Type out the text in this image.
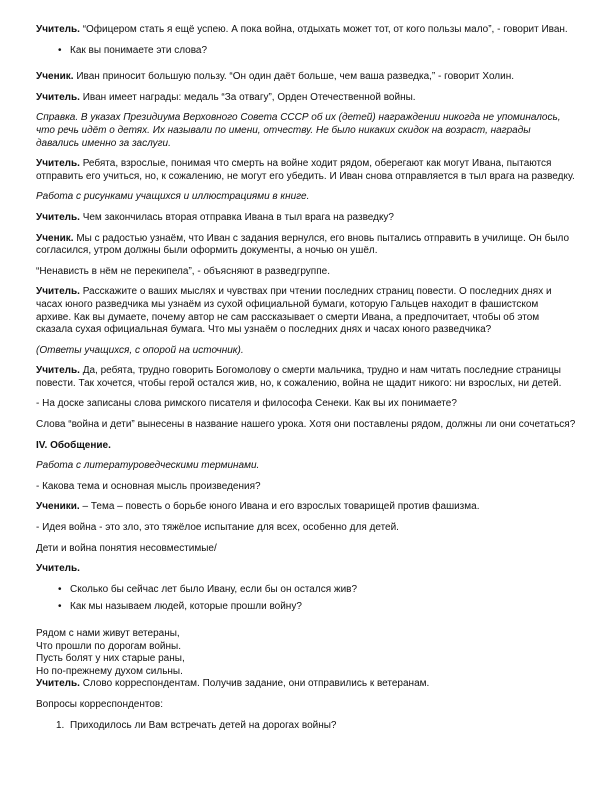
Учитель. “Офицером стать я ещё успею. А пока война, отдыхать может тот, от кого пользы мало”, - говорит Иван.

• Как вы понимаете эти слова?

Ученик. Иван приносит большую пользу. “Он один даёт больше, чем ваша разведка,” - говорит Холин.

Учитель. Иван имеет награды: медаль “За отвагу”, Орден Отечественной войны.

Справка. В указах Президиума Верховного Совета СССР об их (детей) награждении никогда не упоминалось, что речь идёт о детях. Их называли по имени, отчеству. Не было никаких скидок на возраст, награды давались именно за заслуги.

Учитель. Ребята, взрослые, понимая что смерть на войне ходит рядом, оберегают как могут Ивана, пытаются отправить его учиться, но, к сожалению, не могут его убедить. И Иван снова отправляется в тыл врага на разведку.

Работа с рисунками учащихся и иллюстрациями в книге.

Учитель. Чем закончилась вторая отправка Ивана в тыл врага на разведку?

Ученик. Мы с радостью узнаём, что Иван с задания вернулся, его вновь пытались отправить в училище. Он было согласился, утром должны были оформить документы, а ночью он ушёл.

“Ненависть в нём не перекипела”, - объясняют в разведгруппе.

Учитель. Расскажите о ваших мыслях и чувствах при чтении последних страниц повести. О последних днях и часах юного разведчика мы узнаём из сухой официальной бумаги, которую Гальцев находит в фашистском архиве. Как вы думаете, почему автор не сам рассказывает о смерти Ивана, а предпочитает, чтобы об этом сказала сухая официальная бумага. Что мы узнаём о последних днях и часах юного разведчика?

(Ответы учащихся, с опорой на источник).

Учитель. Да, ребята, трудно говорить Богомолову о смерти мальчика, трудно и нам читать последние страницы повести. Так хочется, чтобы герой остался жив, но, к сожалению, война не щадит никого: ни взрослых, ни детей.

- На доске записаны слова римского писателя и философа Сенеки. Как вы их понимаете?

Слова “война и дети” вынесены в название нашего урока. Хотя они поставлены рядом, должны ли они сочетаться?

IV. Обобщение.

Работа с литературоведческими терминами.

- Какова тема и основная мысль произведения?

Ученики. – Тема – повесть о борьбе юного Ивана и его взрослых товарищей против фашизма.

- Идея война - это зло, это тяжёлое испытание для всех, особенно для детей.

Дети и война понятия несовместимые/

Учитель.

• Сколько бы сейчас лет было Ивану, если бы он остался жив?
• Как мы называем людей, которые прошли войну?
Рядом с нами живут ветераны,
Что прошли по дорогам войны.
Пусть болят у них старые раны,
Но по-прежнему духом сильны.

Учитель. Слово корреспондентам. Получив задание, они отправились к ветеранам.

Вопросы корреспондентов:

1. Приходилось ли Вам встречать детей на дорогах войны?
